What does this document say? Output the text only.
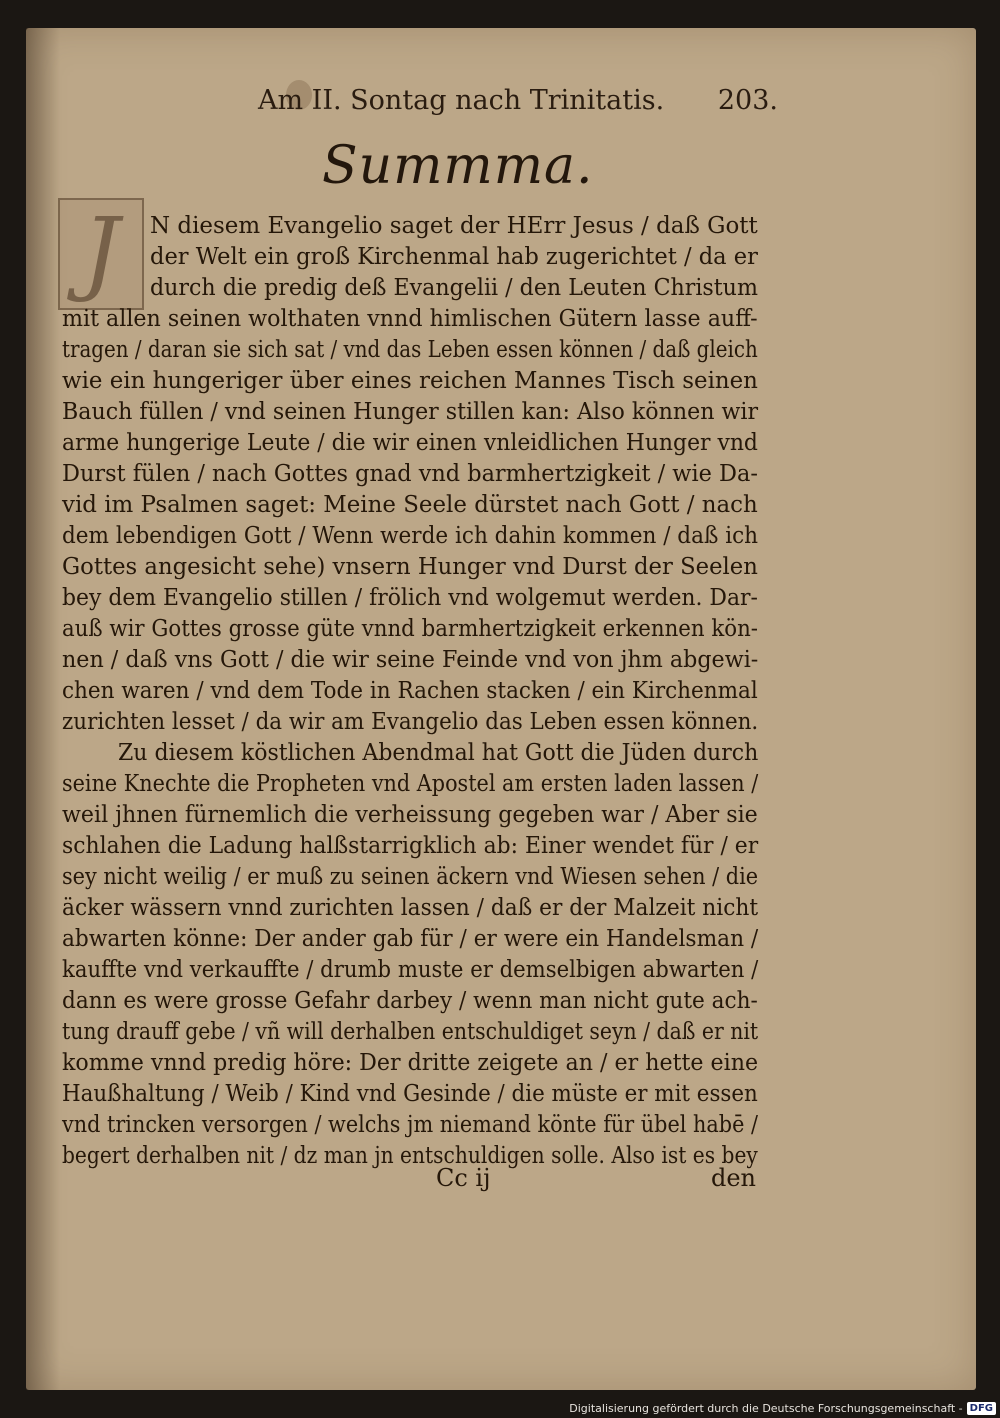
Am II. Sontag nach Trinitatis. 203.
Summma.
J	N diesem Evangelio saget der HErr Jesus / daß Gott
der Welt ein groß Kirchenmal hab zugerichtet / da er
durch die predig deß Evangelii / den Leuten Christum
mit allen seinen wolthaten vnnd himlischen Gütern lasse auff-
tragen / daran sie sich sat / vnd das Leben essen können / daß gleich
wie ein hungeriger über eines reichen Mannes Tisch seinen
Bauch füllen / vnd seinen Hunger stillen kan: Also können wir
arme hungerige Leute / die wir einen vnleidlichen Hunger vnd
Durst fülen / nach Gottes gnad vnd barmhertzigkeit / wie Da-
vid im Psalmen saget: Meine Seele dürstet nach Gott / nach
dem lebendigen Gott / Wenn werde ich dahin kommen / daß ich
Gottes angesicht sehe) vnsern Hunger vnd Durst der Seelen
bey dem Evangelio stillen / frölich vnd wolgemut werden. Dar-
auß wir Gottes grosse güte vnnd barmhertzigkeit erkennen kön-
nen / daß vns Gott / die wir seine Feinde vnd von jhm abgewi-
chen waren / vnd dem Tode in Rachen stacken / ein Kirchenmal
zurichten lesset / da wir am Evangelio das Leben essen können.
Zu diesem köstlichen Abendmal hat Gott die Jüden durch
seine Knechte die Propheten vnd Apostel am ersten laden lassen /
weil jhnen fürnemlich die verheissung gegeben war / Aber sie
schlahen die Ladung halßstarrigklich ab: Einer wendet für / er
sey nicht weilig / er muß zu seinen äckern vnd Wiesen sehen / die
äcker wässern vnnd zurichten lassen / daß er der Malzeit nicht
abwarten könne: Der ander gab für / er were ein Handelsman /
kauffte vnd verkauffte / drumb muste er demselbigen abwarten /
dann es were grosse Gefahr darbey / wenn man nicht gute ach-
tung drauff gebe / vñ will derhalben entschuldiget seyn / daß er nit
komme vnnd predig höre: Der dritte zeigete an / er hette eine
Haußhaltung / Weib / Kind vnd Gesinde / die müste er mit essen
vnd trincken versorgen / welchs jm niemand könte für übel habē /
begert derhalben nit / dz man jn entschuldigen solle. Also ist es bey
Cc ij	den
Digitalisierung gefördert durch die Deutsche Forschungsgemeinschaft - DFG
